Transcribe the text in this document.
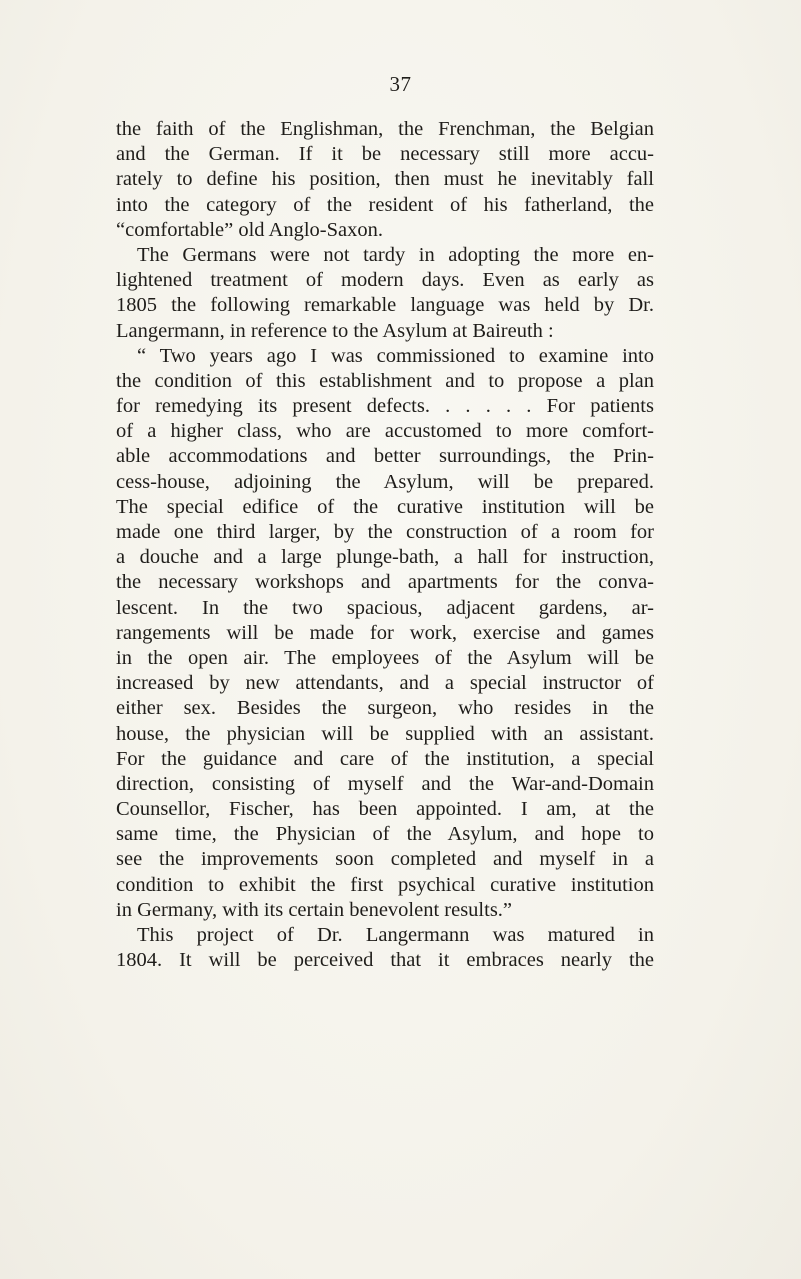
37
the faith of the Englishman, the Frenchman, the Belgian
and the German. If it be necessary still more accu-
rately to define his position, then must he inevitably fall
into the category of the resident of his fatherland, the
“comfortable” old Anglo-Saxon.
The Germans were not tardy in adopting the more en-
lightened treatment of modern days. Even as early as
1805 the following remarkable language was held by Dr.
Langermann, in reference to the Asylum at Baireuth :
“ Two years ago I was commissioned to examine into
the condition of this establishment and to propose a plan
for remedying its present defects. . . . . . For patients
of a higher class, who are accustomed to more comfort-
able accommodations and better surroundings, the Prin-
cess-house, adjoining the Asylum, will be prepared.
The special edifice of the curative institution will be
made one third larger, by the construction of a room for
a douche and a large plunge-bath, a hall for instruction,
the necessary workshops and apartments for the conva-
lescent. In the two spacious, adjacent gardens, ar-
rangements will be made for work, exercise and games
in the open air. The employees of the Asylum will be
increased by new attendants, and a special instructor of
either sex. Besides the surgeon, who resides in the
house, the physician will be supplied with an assistant.
For the guidance and care of the institution, a special
direction, consisting of myself and the War-and-Domain
Counsellor, Fischer, has been appointed. I am, at the
same time, the Physician of the Asylum, and hope to
see the improvements soon completed and myself in a
condition to exhibit the first psychical curative institution
in Germany, with its certain benevolent results.”
This project of Dr. Langermann was matured in
1804. It will be perceived that it embraces nearly the
